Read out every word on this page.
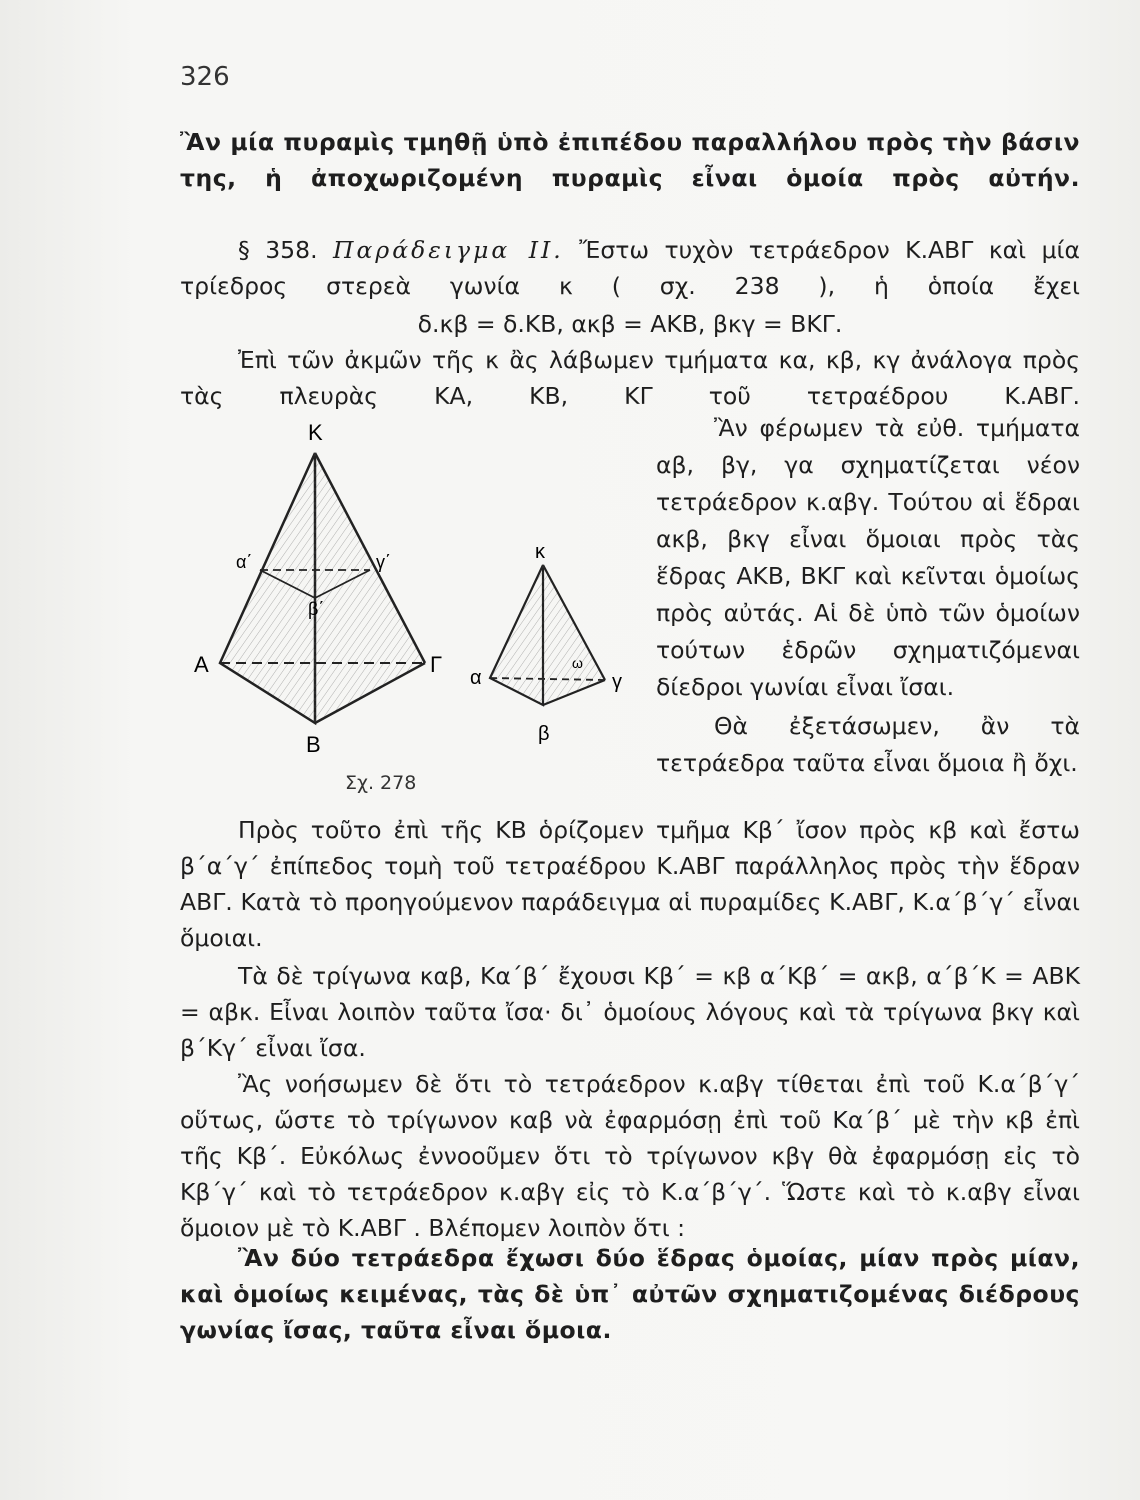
326

Ἂν μία πυραμὶς τμηθῇ ὑπὸ ἐπιπέδου παραλλήλου πρὸς τὴν βάσιν της, ἡ ἀποχωριζομένη πυραμὶς εἶναι ὁμοία πρὸς αὐτήν.

§ 358. Παράδειγμα ΙΙ. Ἔστω τυχὸν τετράεδρον Κ.ΑΒΓ καὶ μία τρίεδρος στερεὰ γωνία κ ( σχ. 238 ), ἡ ὁποία ἔχει

δ.κβ = δ.ΚΒ, ακβ = ΑΚΒ, βκγ = ΒΚΓ.

Ἐπὶ τῶν ἀκμῶν τῆς κ ἂς λάβωμεν τμήματα κα, κβ, κγ ἀνάλογα πρὸς τὰς πλευρὰς ΚΑ, ΚΒ, ΚΓ τοῦ τετραέδρου Κ.ΑΒΓ.

Ἂν φέρωμεν τὰ εὐθ. τμήματα αβ, βγ, γα σχηματίζεται νέον τετράεδρον κ.αβγ. Τούτου αἱ ἕδραι ακβ, βκγ εἶναι ὅμοιαι πρὸς τὰς ἕδρας ΑΚΒ, ΒΚΓ καὶ κεῖνται ὁμοίως πρὸς αὐτάς. Αἱ δὲ ὑπὸ τῶν ὁμοίων τούτων ἑδρῶν σχηματιζόμεναι δίεδροι γωνίαι εἶναι ἴσαι.

Θὰ ἐξετάσωμεν, ἂν τὰ τετράεδρα ταῦτα εἶναι ὅμοια ἢ ὄχι.

Κ
Α
Β
Γ
α΄
β΄
γ΄	κ
α
β
γ
ω
Σχ. 278

Πρὸς τοῦτο ἐπὶ τῆς ΚΒ ὁρίζομεν τμῆμα Κβ΄ ἴσον πρὸς κβ καὶ ἔστω β΄α΄γ΄ ἐπίπεδος τομὴ τοῦ τετραέδρου Κ.ΑΒΓ παράλληλος πρὸς τὴν ἕδραν ΑΒΓ. Κατὰ τὸ προηγούμενον παράδειγμα αἱ πυραμίδες Κ.ΑΒΓ, Κ.α΄β΄γ΄ εἶναι ὅμοιαι.

Τὰ δὲ τρίγωνα καβ, Κα΄β΄ ἔχουσι Κβ΄ = κβ α΄Κβ΄ = ακβ, α΄β΄Κ = ΑΒΚ = αβκ. Εἶναι λοιπὸν ταῦτα ἴσα· δι᾽ ὁμοίους λόγους καὶ τὰ τρίγωνα βκγ καὶ β΄Κγ΄ εἶναι ἴσα.

Ἂς νοήσωμεν δὲ ὅτι τὸ τετράεδρον κ.αβγ τίθεται ἐπὶ τοῦ Κ.α΄β΄γ΄ οὕτως, ὥστε τὸ τρίγωνον καβ νὰ ἐφαρμόσῃ ἐπὶ τοῦ Κα΄β΄ μὲ τὴν κβ ἐπὶ τῆς Κβ΄. Εὐκόλως ἐννοοῦμεν ὅτι τὸ τρίγωνον κβγ θὰ ἐφαρμόσῃ εἰς τὸ Κβ΄γ΄ καὶ τὸ τετράεδρον κ.αβγ εἰς τὸ Κ.α΄β΄γ΄. Ὥστε καὶ τὸ κ.αβγ εἶναι ὅμοιον μὲ τὸ Κ.ΑΒΓ . Βλέπομεν λοιπὸν ὅτι :

Ἂν δύο τετράεδρα ἔχωσι δύο ἕδρας ὁμοίας, μίαν πρὸς μίαν, καὶ ὁμοίως κειμένας, τὰς δὲ ὑπ᾽ αὐτῶν σχηματιζομένας διέδρους γωνίας ἴσας, ταῦτα εἶναι ὅμοια.
